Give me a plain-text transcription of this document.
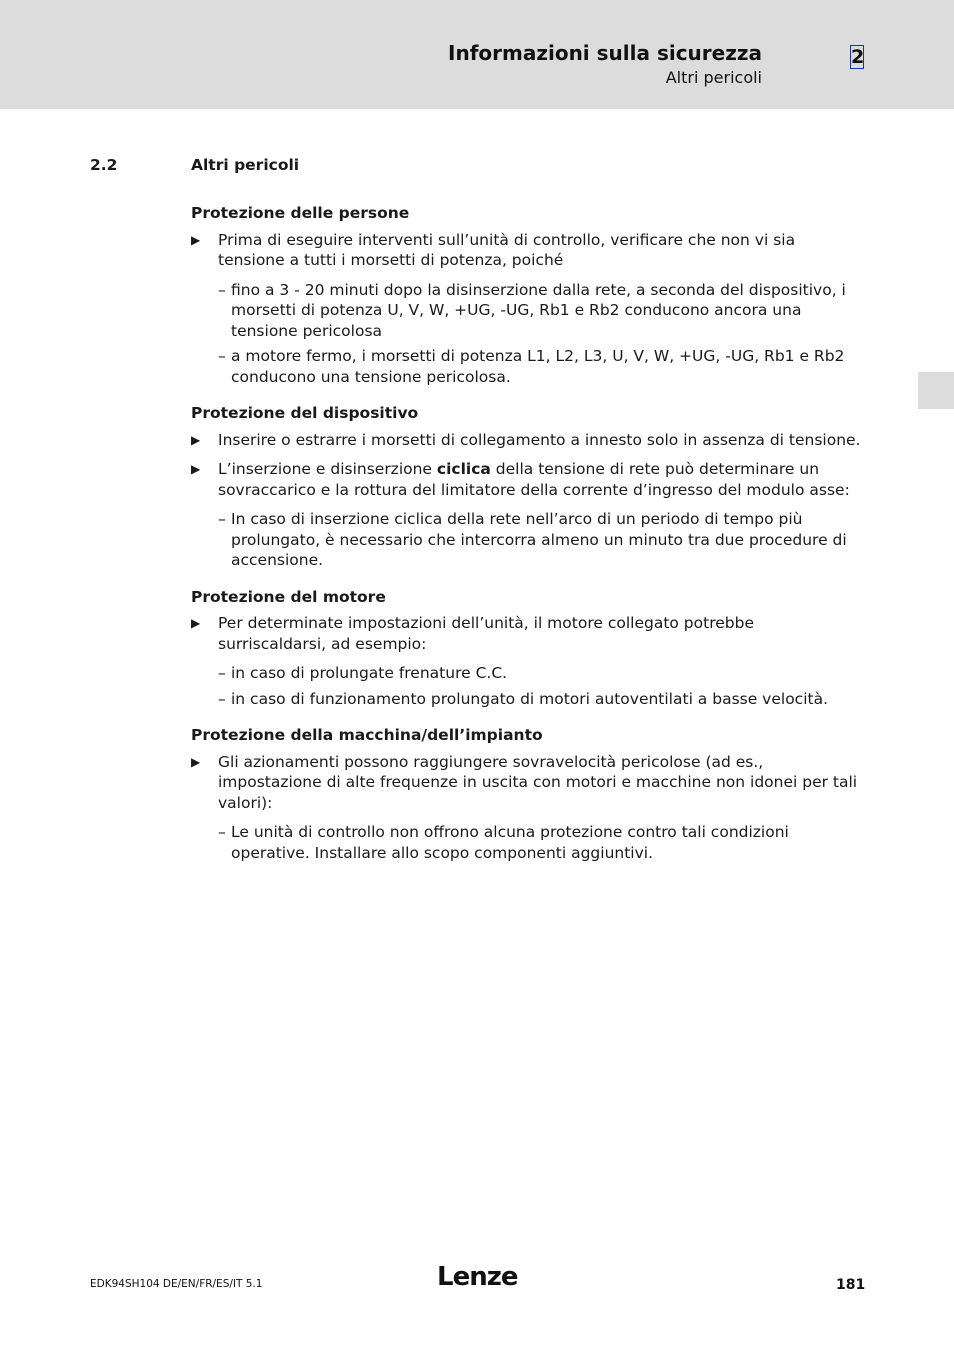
Informazioni sulla sicurezza
Altri pericoli
2
2.2	Altri pericoli
Protezione delle persone
▶ Prima di eseguire interventi sull’unità di controllo, verificare che non vi sia tensione a tutti i morsetti di potenza, poiché
– fino a 3 - 20 minuti dopo la disinserzione dalla rete, a seconda del dispositivo, i morsetti di potenza U, V, W, +UG, -UG, Rb1 e Rb2 conducono ancora una tensione pericolosa
– a motore fermo, i morsetti di potenza L1, L2, L3, U, V, W, +UG, -UG, Rb1 e Rb2 conducono una tensione pericolosa.
Protezione del dispositivo
▶ Inserire o estrarre i morsetti di collegamento a innesto solo in assenza di tensione.
▶ L’inserzione e disinserzione ciclica della tensione di rete può determinare un sovraccarico e la rottura del limitatore della corrente d’ingresso del modulo asse:
– In caso di inserzione ciclica della rete nell’arco di un periodo di tempo più prolungato, è necessario che intercorra almeno un minuto tra due procedure di accensione.
Protezione del motore
▶ Per determinate impostazioni dell’unità, il motore collegato potrebbe surriscaldarsi, ad esempio:
– in caso di prolungate frenature C.C.
– in caso di funzionamento prolungato di motori autoventilati a basse velocità.
Protezione della macchina/dell’impianto
▶ Gli azionamenti possono raggiungere sovravelocità pericolose (ad es., impostazione di alte frequenze in uscita con motori e macchine non idonei per tali valori):
– Le unità di controllo non offrono alcuna protezione contro tali condizioni operative. Installare allo scopo componenti aggiuntivi.
EDK94SH104 DE/EN/FR/ES/IT 5.1	Lenze	181
